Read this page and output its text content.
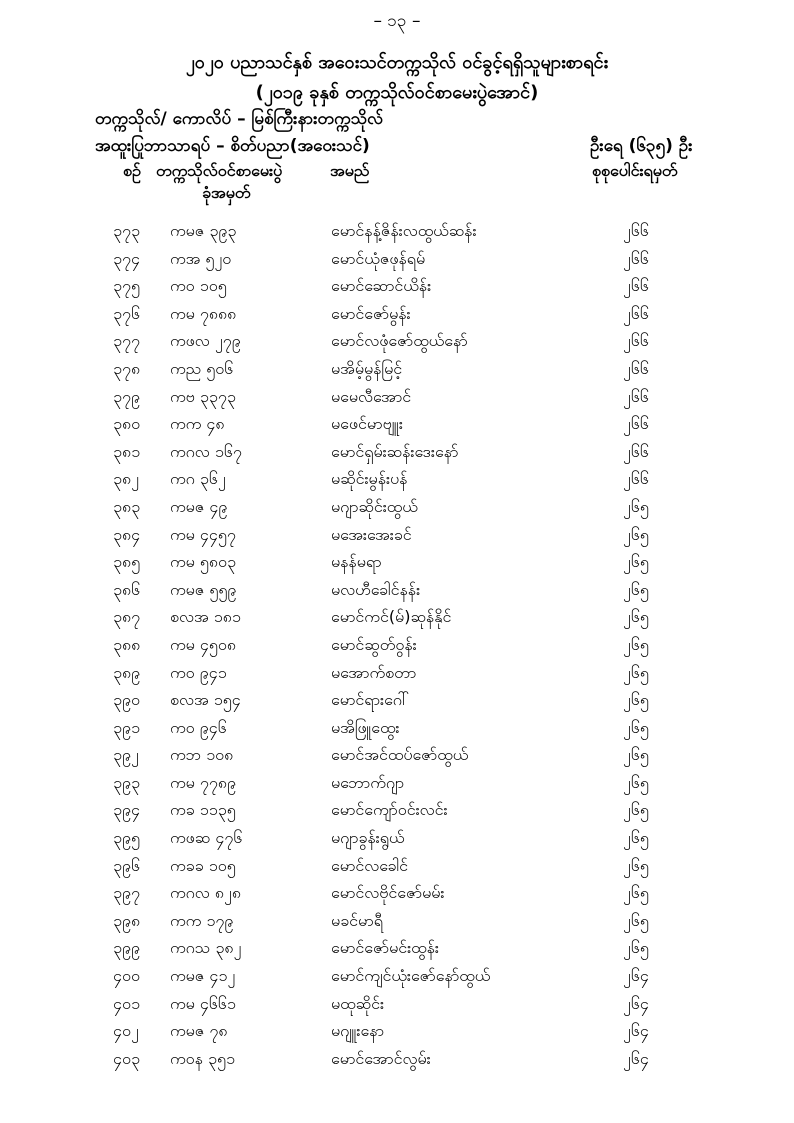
– ၁၃ –
၂၀၂၀ ပညာသင်နှစ် အဝေးသင်တက္ကသိုလ် ဝင်ခွင့်ရရှိသူများစာရင်း
(၂၀၁၉ ခုနှစ် တက္ကသိုလ်ဝင်စာမေးပွဲအောင်)
တက္ကသိုလ်/ ကောလိပ် – မြစ်ကြီးနားတက္ကသိုလ်
အထူးပြုဘာသာရပ် – စိတ်ပညာ(အဝေးသင်)	ဦးရေ (၆၃၅) ဦး
စဉ် တက္ကသိုလ်ဝင်စာမေးပွဲ
ခုံအမှတ်
အမည်	စုစုပေါင်းရမှတ်
၃၇၃ ကမဇ ၃၉၃	မောင်နန့်ဇိန်းလထွယ်ဆန်း	၂၆၆
၃၇၄ ကအ ၅၂၀	မောင်ယုံဇဖုန်ရမ်	၂၆၆
၃၇၅ ကဝ ၁၀၅	မောင်ဆောင်ယိန်း	၂၆၆
၃၇၆ ကမ ၇၈၈၈	မောင်ဇော်မွန်း	၂၆၆
၃၇၇ ကဖလ ၂၇၉	မောင်လဖုံဇော်ထွယ်နော်	၂၆၆
၃၇၈ ကည ၅၀၆	မအိမ့်မွန်မြင့်	၂၆၆
၃၇၉ ကဗ ၃၃၇၃	မမေလီအောင်	၂၆၆
၃၈၀ ကက ၄၈	မဖေင်မာဗျူး	၂၆၆
၃၈၁ ကဂလ ၁၆၇	မောင်ရှမ်းဆန်းဒေးနော်	၂၆၆
၃၈၂ ကဂ ၃၆၂	မဆိုင်းမွန်းပန်	၂၆၆
၃၈၃ ကမဇ ၄၉	မဂျာဆိုင်းထွယ်	၂၆၅
၃၈၄ ကမ ၄၄၅၇	မအေးအေးခင်	၂၆၅
၃၈၅ ကမ ၅၈၀၃	မနန်မရာ	၂၆၅
၃၈၆ ကမဇ ၅၅၉	မလဟီခေါင်နန်း	၂၆၅
၃၈၇ စလအ ၁၈၁	မောင်ကင်(မ်)ဆုန်နိုင်	၂၆၅
၃၈၈ ကမ ၄၅၀၈	မောင်ဆွတ်ဝွန်း	၂၆၅
၃၈၉ ကဝ ၉၄၁	မအောက်စတာ	၂၆၅
၃၉၀ စလအ ၁၅၄	မောင်ရားဂေါ်	၂၆၅
၃၉၁ ကဝ ၉၄၆	မအိဖြူထွေး	၂၆၅
၃၉၂ ကဘ ၁၀၈	မောင်အင်ထပ်ဇော်ထွယ်	၂၆၅
၃၉၃ ကမ ၇၇၈၉	မဘောက်ဂျာ	၂၆၅
၃၉၄ ကခ ၁၁၃၅	မောင်ကျော်ဝင်းလင်း	၂၆၅
၃၉၅ ကဖဆ ၄၇၆	မဂျာခွန်းရွယ်	၂၆၅
၃၉၆ ကခခ ၁၀၅	မောင်လခေါင်	၂၆၅
၃၉၇ ကဂလ ၈၂၈	မောင်လဗိုင်ဇော်မမ်း	၂၆၅
၃၉၈ ကက ၁၇၉	မခင်မာရီ	၂၆၅
၃၉၉ ကဂသ ၃၈၂	မောင်ဇော်မင်းထွန်း	၂၆၅
၄၀၀ ကမဇ ၄၁၂	မောင်ကျင်ယုံးဇော်နော်ထွယ်	၂၆၄
၄၀၁ ကမ ၄၆၆၁	မထုဆိုင်း	၂၆၄
၄၀၂ ကမဇ ၇၈	မဂျူးနော	၂၆၄
၄၀၃ ကဝန ၃၅၁	မောင်အောင်လွမ်း	၂၆၄
